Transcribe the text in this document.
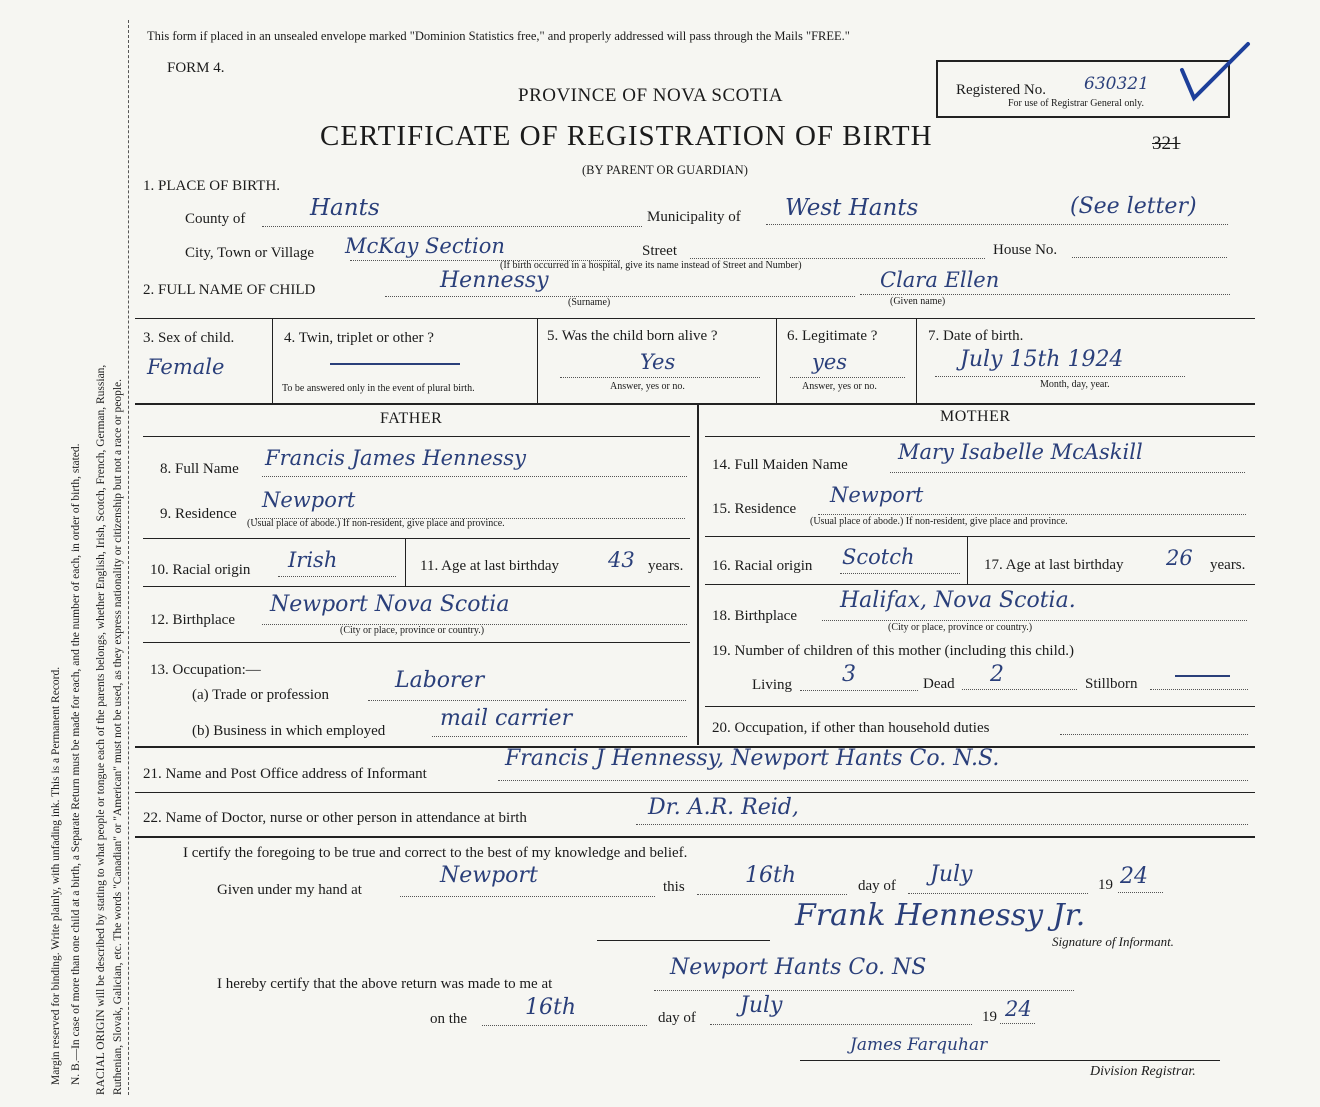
Margin reserved for binding. Write plainly, with unfading ink. This is a Permanent Record. N. B.—In case of more than one child at a birth, a Separate Return must be made for each, and the number of each, in order of birth, stated. RACIAL ORIGIN will be described by stating to what people or tongue each of the parents belongs, whether English, Irish, Scotch, French, German, Russian, Ruthenian, Slovak, Galician, etc. The words "Canadian" or "American" must not be used, as they express nationality or citizenship but not a race or people.
This form if placed in an unsealed envelope marked "Dominion Statistics free," and properly addressed will pass through the Mails "FREE."
FORM 4.
PROVINCE OF NOVA SCOTIA
CERTIFICATE OF REGISTRATION OF BIRTH
(BY PARENT OR GUARDIAN)
Registered No. 630321
For use of Registrar General only.
321
1. PLACE OF BIRTH.
County of	Hants	Municipality of West Hants	(See letter)
City, Town or Village McKay Section	Street	House No.
(If birth occurred in a hospital, give its name instead of Street and Number)
2. FULL NAME OF CHILD	Hennessy
(Surname)
Clara Ellen
(Given name)
3. Sex of child.
Female
4. Twin, triplet or other ?
To be answered only in the event of plural birth.
5. Was the child born alive ?
Yes
Answer, yes or no.
6. Legitimate ?
yes
Answer, yes or no.
7. Date of birth.
July 15th 1924
Month, day, year.
FATHER	MOTHER
8. Full Name Francis James Hennessy
9. Residence
Newport
(Usual place of abode.) If non-resident, give place and province.
10. Racial origin Irish	11. Age at last birthday 43 years.
12. Birthplace
Newport Nova Scotia
(City or place, province or country.)
13. Occupation:—
(a) Trade or profession
Laborer
(b) Business in which employed mail carrier
14. Full Maiden Name
Mary Isabelle McAskill
15. Residence
Newport
(Usual place of abode.) If non-resident, give place and province.
16. Racial origin Scotch	17. Age at last birthday 26 years.
18. Birthplace
Halifax, Nova Scotia.
(City or place, province or country.)
19. Number of children of this mother (including this child.)
Living 3	Dead 2	Stillborn
20. Occupation, if other than household duties
21. Name and Post Office address of Informant
Francis J Hennessy, Newport Hants Co. N.S.
22. Name of Doctor, nurse or other person in attendance at birth	Dr. A.R. Reid,
I certify the foregoing to be true and correct to the best of my knowledge and belief.
Given under my hand at
Newport	this	16th	day of July	19 24
Frank Hennessy Jr.
Signature of Informant.
I hereby certify that the above return was made to me at
Newport Hants Co. NS
on the	16th	day of July	19 24
James Farquhar
Division Registrar.
